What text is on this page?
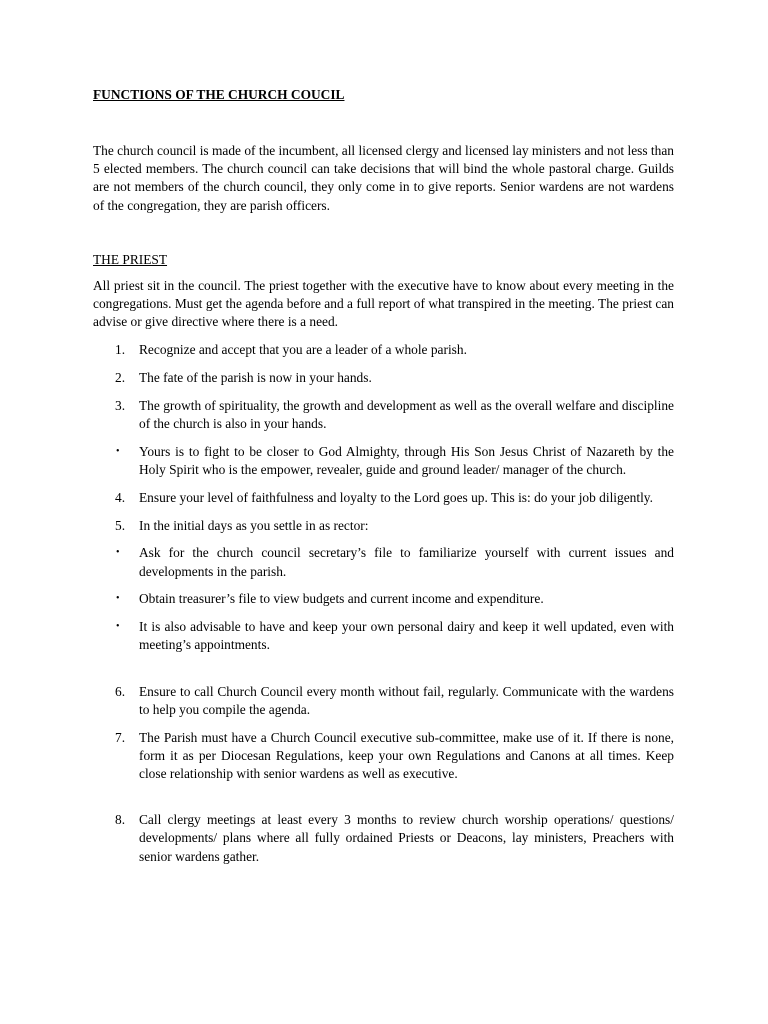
FUNCTIONS OF THE CHURCH COUCIL

The church council is made of the incumbent, all licensed clergy and licensed lay ministers and not less than 5 elected members. The church council can take decisions that will bind the whole pastoral charge. Guilds are not members of the church council, they only come in to give reports. Senior wardens are not wardens of the congregation, they are parish officers.

THE PRIEST

All priest sit in the council. The priest together with the executive have to know about every meeting in the congregations. Must get the agenda before and a full report of what transpired in the meeting. The priest can advise or give directive where there is a need.

1.	Recognize and accept that you are a leader of a whole parish.
2.	The fate of the parish is now in your hands.
3.	The growth of spirituality, the growth and development as well as the overall welfare and discipline of the church is also in your hands.
• Yours is to fight to be closer to God Almighty, through His Son Jesus Christ of Nazareth by the Holy Spirit who is the empower, revealer, guide and ground leader/ manager of the church.
4.	Ensure your level of faithfulness and loyalty to the Lord goes up. This is: do your job diligently.
5.	In the initial days as you settle in as rector:
• Ask for the church council secretary’s file to familiarize yourself with current issues and developments in the parish.
• Obtain treasurer’s file to view budgets and current income and expenditure.
• It is also advisable to have and keep your own personal dairy and keep it well updated, even with meeting’s appointments.
6.	Ensure to call Church Council every month without fail, regularly. Communicate with the wardens to help you compile the agenda.
7.	The Parish must have a Church Council executive sub-committee, make use of it. If there is none, form it as per Diocesan Regulations, keep your own Regulations and Canons at all times. Keep close relationship with senior wardens as well as executive.
8.	Call clergy meetings at least every 3 months to review church worship operations/ questions/ developments/ plans where all fully ordained Priests or Deacons, lay ministers, Preachers with senior wardens gather.
